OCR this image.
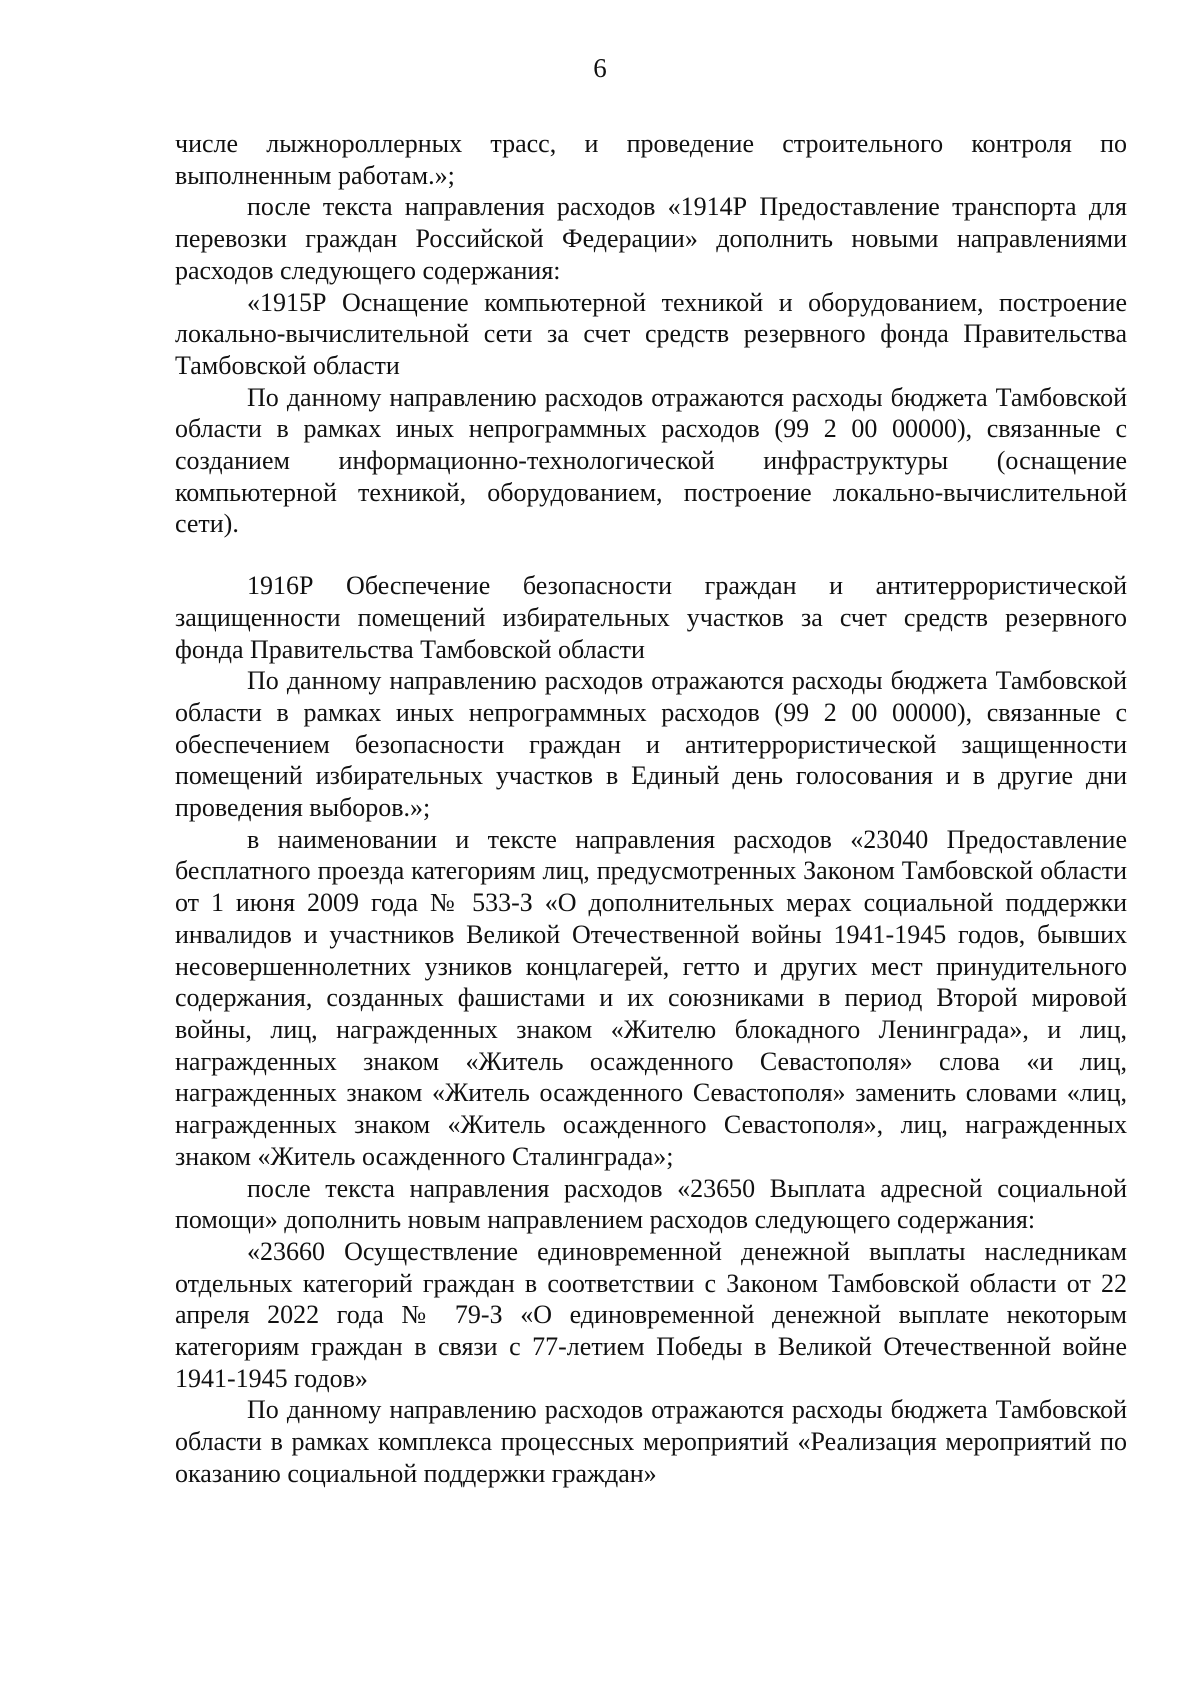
6

числе лыжнороллерных трасс, и проведение строительного контроля по выполненным работам.»;

после текста направления расходов «1914Р Предоставление транспорта для перевозки граждан Российской Федерации» дополнить новыми направлениями расходов следующего содержания:

«1915Р Оснащение компьютерной техникой и оборудованием, построение локально-вычислительной сети за счет средств резервного фонда Правительства Тамбовской области

По данному направлению расходов отражаются расходы бюджета Тамбовской области в рамках иных непрограммных расходов (99 2 00 00000), связанные с созданием информационно-технологической инфраструктуры (оснащение компьютерной техникой, оборудованием, построение локально-вычислительной сети).

1916Р Обеспечение безопасности граждан и антитеррористической защищенности помещений избирательных участков за счет средств резервного фонда Правительства Тамбовской области

По данному направлению расходов отражаются расходы бюджета Тамбовской области в рамках иных непрограммных расходов (99 2 00 00000), связанные с обеспечением безопасности граждан и антитеррористической защищенности помещений избирательных участков в Единый день голосования и в другие дни проведения выборов.»;

в наименовании и тексте направления расходов «23040 Предоставление бесплатного проезда категориям лиц, предусмотренных Законом Тамбовской области от 1 июня 2009 года № 533-З «О дополнительных мерах социальной поддержки инвалидов и участников Великой Отечественной войны 1941-1945 годов, бывших несовершеннолетних узников концлагерей, гетто и других мест принудительного содержания, созданных фашистами и их союзниками в период Второй мировой войны, лиц, награжденных знаком «Жителю блокадного Ленинграда», и лиц, награжденных знаком «Житель осажденного Севастополя» слова «и лиц, награжденных знаком «Житель осажденного Севастополя» заменить словами «лиц, награжденных знаком «Житель осажденного Севастополя», лиц, награжденных знаком «Житель осажденного Сталинграда»;

после текста направления расходов «23650 Выплата адресной социальной помощи» дополнить новым направлением расходов следующего содержания:

«23660 Осуществление единовременной денежной выплаты наследникам отдельных категорий граждан в соответствии с Законом Тамбовской области от 22 апреля 2022 года № 79-З «О единовременной денежной выплате некоторым категориям граждан в связи с 77-летием Победы в Великой Отечественной войне 1941-1945 годов»

По данному направлению расходов отражаются расходы бюджета Тамбовской области в рамках комплекса процессных мероприятий «Реализация мероприятий по оказанию социальной поддержки граждан»
